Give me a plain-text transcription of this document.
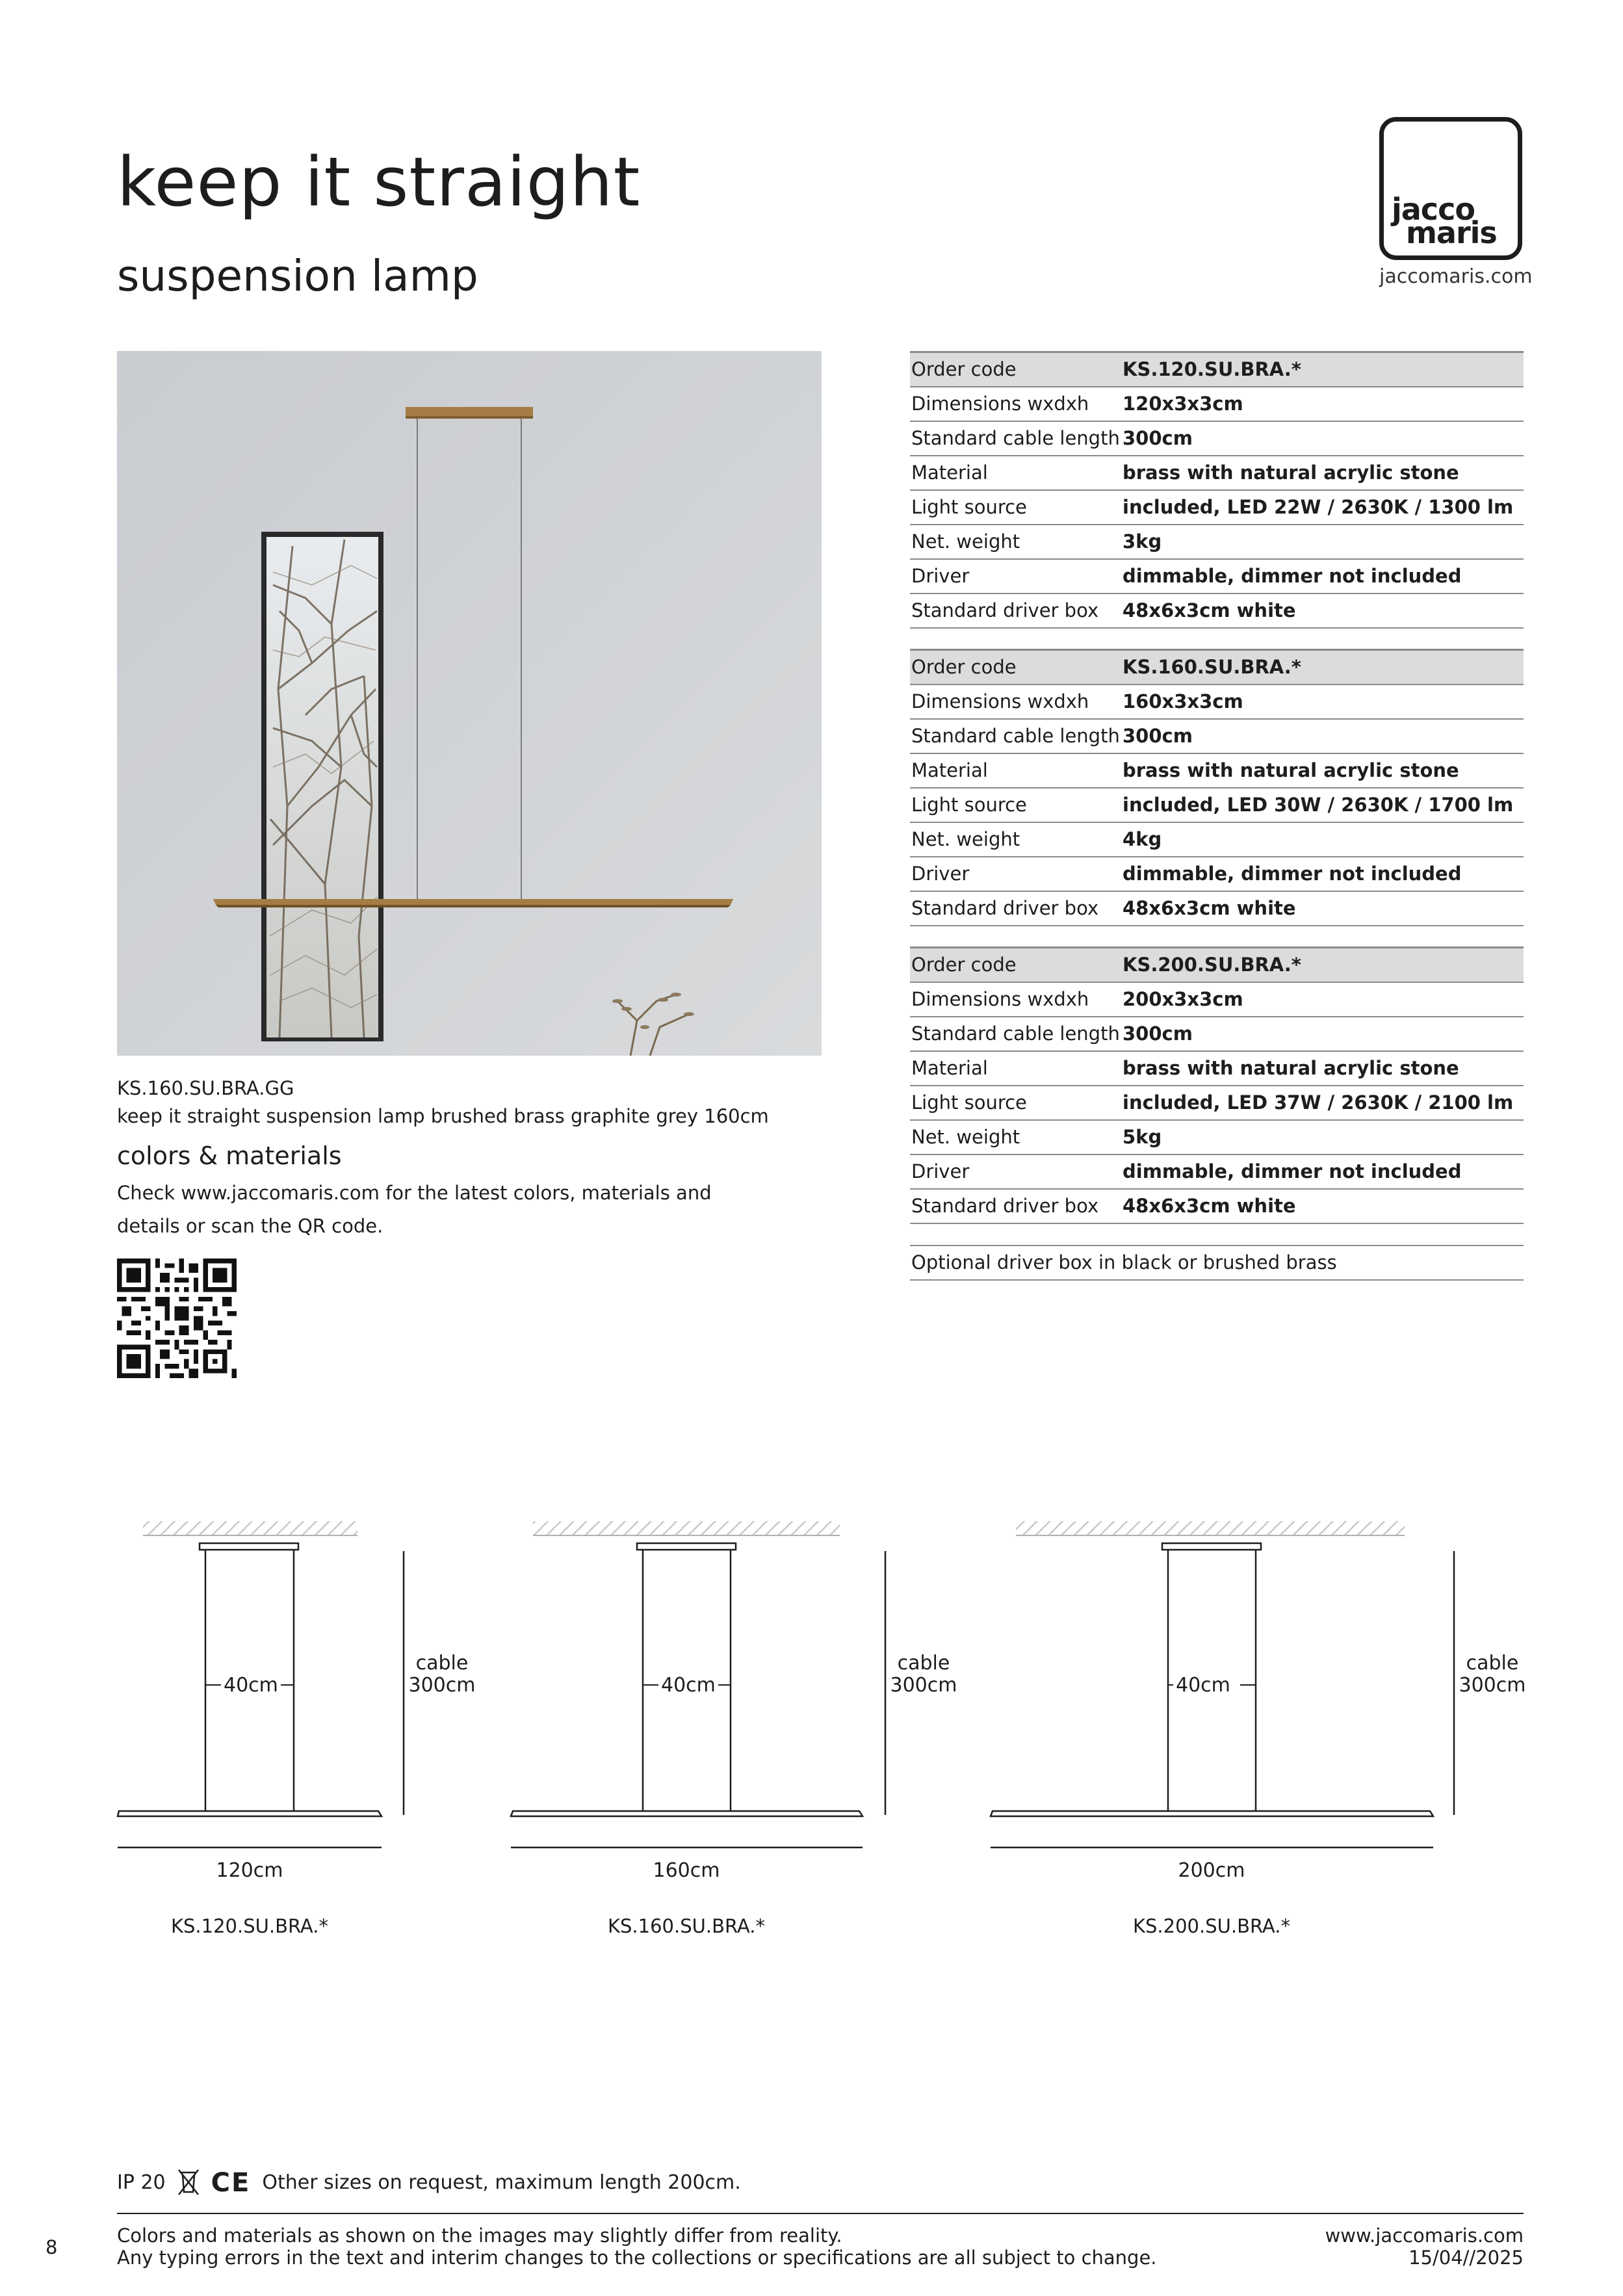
keep it straight
suspension lamp
jacco
maris
jaccomaris.com
KS.160.SU.BRA.GG
keep it straight suspension lamp brushed brass graphite grey 160cm
colors & materials
Check www.jaccomaris.com for the latest colors, materials and
details or scan the QR code.
Order code	KS.120.SU.BRA.*
Dimensions wxdxh 120x3x3cm
Standard cable length 300cm
Material	brass with natural acrylic stone
Light source	included, LED 22W / 2630K / 1300 lm
Net. weight	3kg
Driver	dimmable, dimmer not included
Standard driver box 48x6x3cm white
Order code	KS.160.SU.BRA.*
Dimensions wxdxh 160x3x3cm
Standard cable length 300cm
Material	brass with natural acrylic stone
Light source	included, LED 30W / 2630K / 1700 lm
Net. weight	4kg
Driver	dimmable, dimmer not included
Standard driver box 48x6x3cm white
Order code	KS.200.SU.BRA.*
Dimensions wxdxh 200x3x3cm
Standard cable length 300cm
Material	brass with natural acrylic stone
Light source	included, LED 37W / 2630K / 2100 lm
Net. weight	5kg
Driver	dimmable, dimmer not included
Standard driver box 48x6x3cm white
Optional driver box in black or brushed brass
40cm
cable
300cm
120cm
KS.120.SU.BRA.*
40cm
cable
300cm
160cm
KS.160.SU.BRA.*
40cm
cable
300cm
200cm
KS.200.SU.BRA.*
IP 20 CE Other sizes on request, maximum length 200cm.
8
Colors and materials as shown on the images may slightly differ from reality.
Any typing errors in the text and interim changes to the collections or specifications are all subject to change.
www.jaccomaris.com
15/04//2025
